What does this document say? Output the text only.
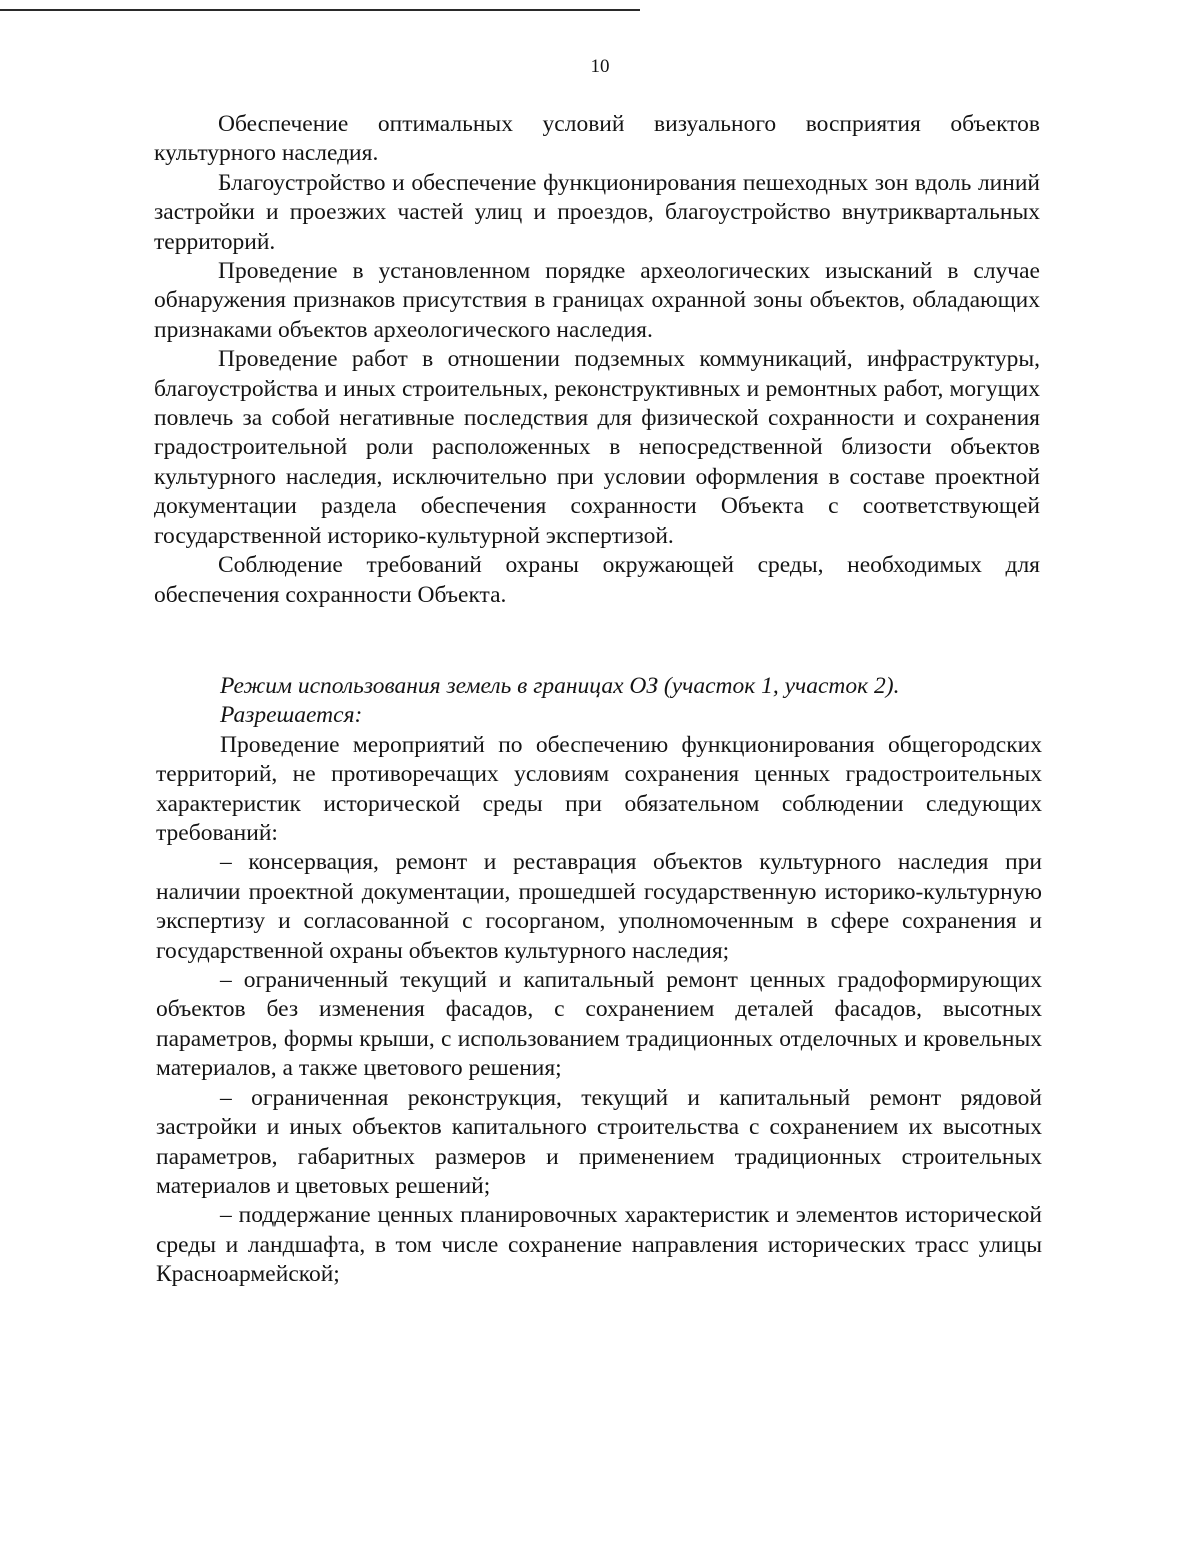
10

Обеспечение оптимальных условий визуального восприятия объектов культурного наследия.

Благоустройство и обеспечение функционирования пешеходных зон вдоль линий застройки и проезжих частей улиц и проездов, благоустройство внутриквартальных территорий.

Проведение в установленном порядке археологических изысканий в случае обнаружения признаков присутствия в границах охранной зоны объектов, обладающих признаками объектов археологического наследия.

Проведение работ в отношении подземных коммуникаций, инфраструктуры, благоустройства и иных строительных, реконструктивных и ремонтных работ, могущих повлечь за собой негативные последствия для физической сохранности и сохранения градостроительной роли расположенных в непосредственной близости объектов культурного наследия, исключительно при условии оформления в составе проектной документации раздела обеспечения сохранности Объекта с соответствующей государственной историко-культурной экспертизой.

Соблюдение требований охраны окружающей среды, необходимых для обеспечения сохранности Объекта.

Режим использования земель в границах ОЗ (участок 1, участок 2).

Разрешается:

Проведение мероприятий по обеспечению функционирования общегородских территорий, не противоречащих условиям сохранения ценных градостроительных характеристик исторической среды при обязательном соблюдении следующих требований:

– консервация, ремонт и реставрация объектов культурного наследия при наличии проектной документации, прошедшей государственную историко-культурную экспертизу и согласованной с госорганом, уполномоченным в сфере сохранения и государственной охраны объектов культурного наследия;

– ограниченный текущий и капитальный ремонт ценных градоформирующих объектов без изменения фасадов, с сохранением деталей фасадов, высотных параметров, формы крыши, с использованием традиционных отделочных и кровельных материалов, а также цветового решения;

– ограниченная реконструкция, текущий и капитальный ремонт рядовой застройки и иных объектов капитального строительства с сохранением их высотных параметров, габаритных размеров и применением традиционных строительных материалов и цветовых решений;

– поддержание ценных планировочных характеристик и элементов исторической среды и ландшафта, в том числе сохранение направления исторических трасс улицы Красноармейской;
